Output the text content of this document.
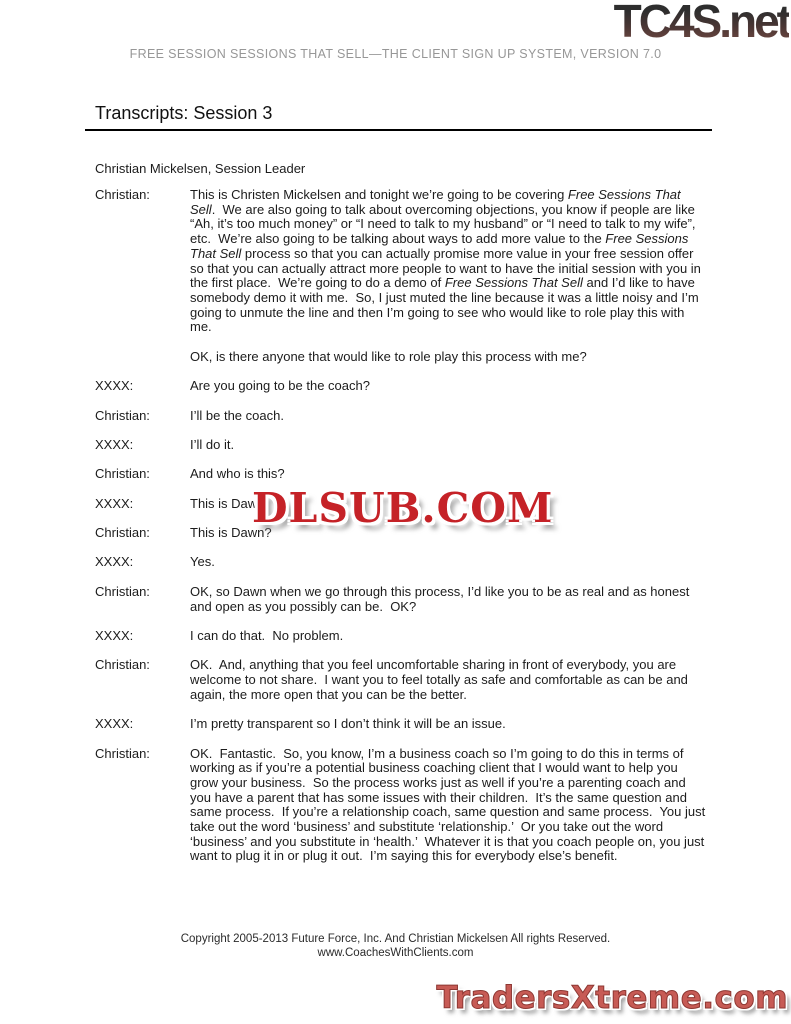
TC4S.net
FREE SESSION SESSIONS THAT SELL—THE CLIENT SIGN UP SYSTEM, VERSION 7.0
Transcripts: Session 3
Christian Mickelsen, Session Leader
Christian:	This is Christen Mickelsen and tonight we’re going to be covering Free Sessions That Sell.  We are also going to talk about overcoming objections, you know if people are like “Ah, it’s too much money” or “I need to talk to my husband” or “I need to talk to my wife”, etc.  We’re also going to be talking about ways to add more value to the Free Sessions That Sell process so that you can actually promise more value in your free session offer so that you can actually attract more people to want to have the initial session with you in the first place.  We’re going to do a demo of Free Sessions That Sell and I’d like to have somebody demo it with me.  So, I just muted the line because it was a little noisy and I’m going to unmute the line and then I’m going to see who would like to role play this with me.

OK, is there anyone that would like to role play this process with me?

XXXX:	Are you going to be the coach?

Christian:	I’ll be the coach.

XXXX:	I’ll do it.

Christian:	And who is this?

XXXX:	This is Dawn

Christian:	This is Dawn?

XXXX:	Yes.

Christian:	OK, so Dawn when we go through this process, I’d like you to be as real and as honest and open as you possibly can be.  OK?

XXXX:	I can do that.  No problem.

Christian:	OK.  And, anything that you feel uncomfortable sharing in front of everybody, you are welcome to not share.  I want you to feel totally as safe and comfortable as can be and again, the more open that you can be the better.

XXXX:	I’m pretty transparent so I don’t think it will be an issue.

Christian:	OK.  Fantastic.  So, you know, I’m a business coach so I’m going to do this in terms of working as if you’re a potential business coaching client that I would want to help you grow your business.  So the process works just as well if you’re a parenting coach and you have a parent that has some issues with their children.  It’s the same question and same process.  If you’re a relationship coach, same question and same process.  You just take out the word ‘business’ and substitute ‘relationship.’  Or you take out the word ‘business’ and you substitute in ‘health.’  Whatever it is that you coach people on, you just want to plug it in or plug it out.  I’m saying this for everybody else’s benefit.

DLSUB.COM
Copyright 2005-2013 Future Force, Inc. And Christian Mickelsen All rights Reserved.
www.CoachesWithClients.com
TradersXtreme.com
